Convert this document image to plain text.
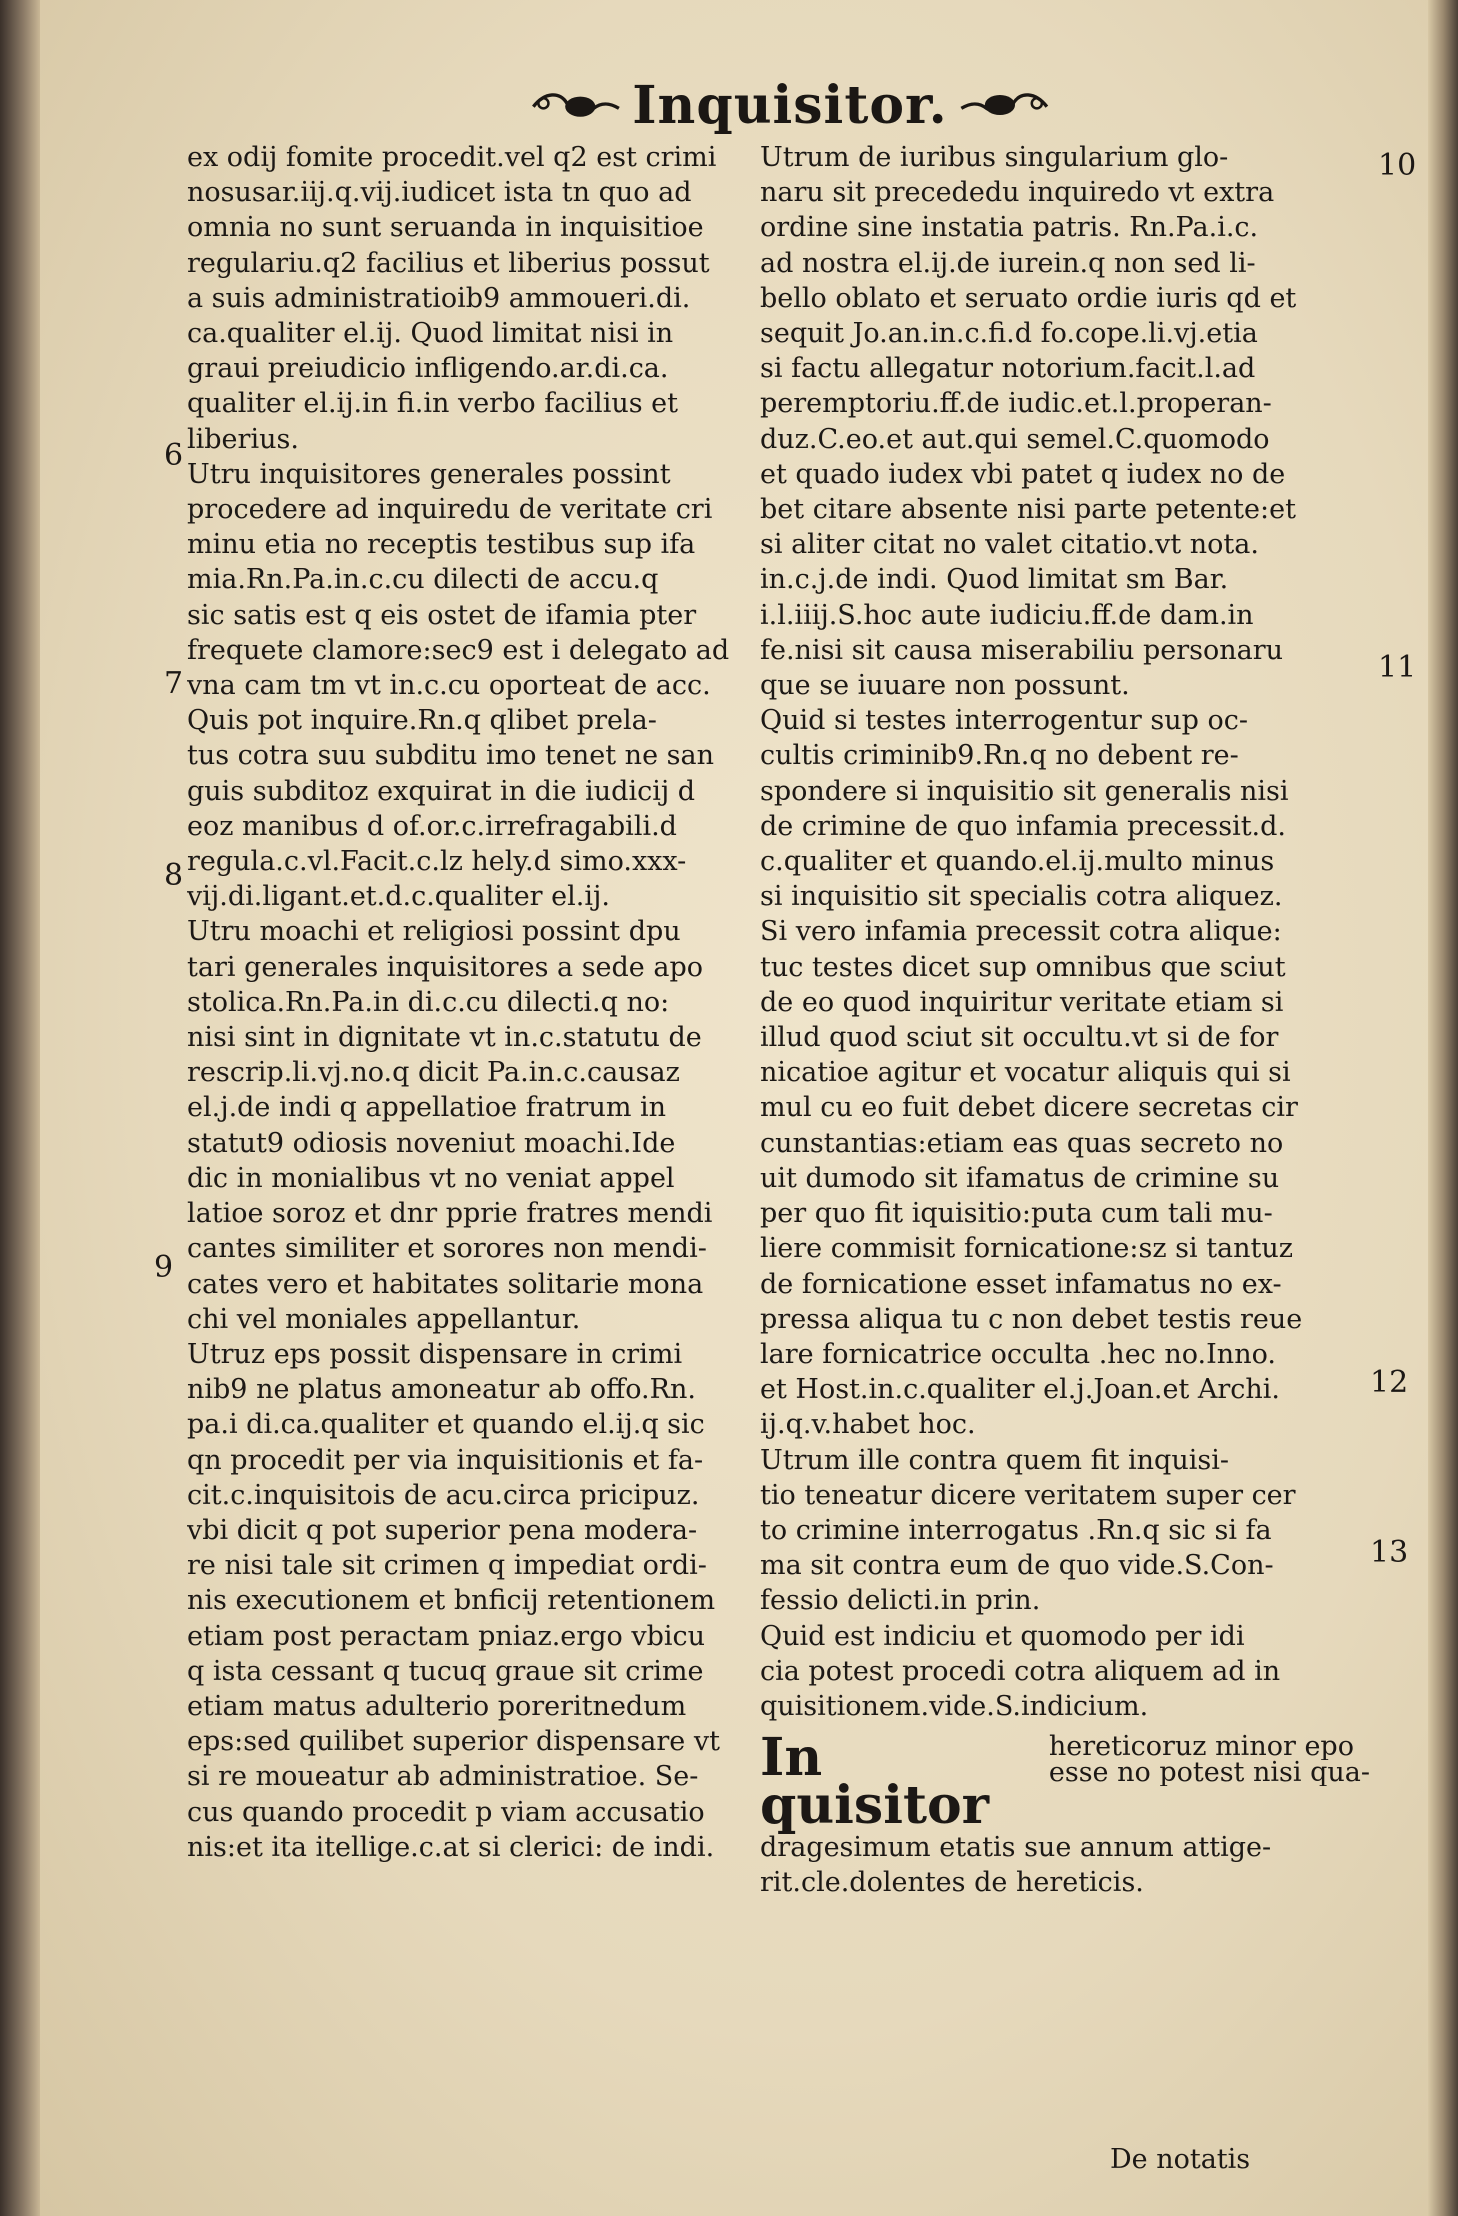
Inquisitor.
6
7
8
9
10
11
12
13
ex odij fomite procedit.vel q2 est crimi
nosusar.iij.q.vij.iudicet ista tn quo ad
omnia no sunt seruanda in inquisitioe
regulariu.q2 facilius et liberius possut
a suis administratioib9 ammoueri.di.
ca.qualiter el.ij. Quod limitat nisi in
graui preiudicio infligendo.ar.di.ca.
qualiter el.ij.in fi.in verbo facilius et
liberius.
Utru inquisitores generales possint
procedere ad inquiredu de veritate cri
minu etia no receptis testibus sup ifa
mia.Rn.Pa.in.c.cu dilecti de accu.q
sic satis est q eis ostet de ifamia pter
frequete clamore:sec9 est i delegato ad
vna cam tm vt in.c.cu oporteat de acc.
Quis pot inquire.Rn.q qlibet prela-
tus cotra suu subditu imo tenet ne san
guis subditoz exquirat in die iudicij d
eoz manibus d of.or.c.irrefragabili.d
regula.c.vl.Facit.c.lz hely.d simo.xxx-
vij.di.ligant.et.d.c.qualiter el.ij.
Utru moachi et religiosi possint dpu
tari generales inquisitores a sede apo
stolica.Rn.Pa.in di.c.cu dilecti.q no:
nisi sint in dignitate vt in.c.statutu de
rescrip.li.vj.no.q dicit Pa.in.c.causaz
el.j.de indi q appellatioe fratrum in
statut9 odiosis noveniut moachi.Ide
dic in monialibus vt no veniat appel
latioe soroz et dnr pprie fratres mendi
cantes similiter et sorores non mendi-
cates vero et habitates solitarie mona
chi vel moniales appellantur.
Utruz eps possit dispensare in crimi
nib9 ne platus amoneatur ab offo.Rn.
pa.i di.ca.qualiter et quando el.ij.q sic
qn procedit per via inquisitionis et fa-
cit.c.inquisitois de acu.circa pricipuz.
vbi dicit q pot superior pena modera-
re nisi tale sit crimen q impediat ordi-
nis executionem et bnficij retentionem
etiam post peractam pniaz.ergo vbicu
q ista cessant q tucuq graue sit crime
etiam matus adulterio poreritnedum
eps:sed quilibet superior dispensare vt
si re moueatur ab administratioe. Se-
cus quando procedit p viam accusatio
nis:et ita itellige.c.at si clerici: de indi.
Utrum de iuribus singularium glo-
naru sit precededu inquiredo vt extra
ordine sine instatia patris. Rn.Pa.i.c.
ad nostra el.ij.de iurein.q non sed li-
bello oblato et seruato ordie iuris qd et
sequit Jo.an.in.c.fi.d fo.cope.li.vj.etia
si factu allegatur notorium.facit.l.ad
peremptoriu.ff.de iudic.et.l.properan-
duz.C.eo.et aut.qui semel.C.quomodo
et quado iudex vbi patet q iudex no de
bet citare absente nisi parte petente:et
si aliter citat no valet citatio.vt nota.
in.c.j.de indi. Quod limitat sm Bar.
i.l.iiij.S.hoc aute iudiciu.ff.de dam.in
fe.nisi sit causa miserabiliu personaru
que se iuuare non possunt.
Quid si testes interrogentur sup oc-
cultis criminib9.Rn.q no debent re-
spondere si inquisitio sit generalis nisi
de crimine de quo infamia precessit.d.
c.qualiter et quando.el.ij.multo minus
si inquisitio sit specialis cotra aliquez.
Si vero infamia precessit cotra alique:
tuc testes dicet sup omnibus que sciut
de eo quod inquiritur veritate etiam si
illud quod sciut sit occultu.vt si de for
nicatioe agitur et vocatur aliquis qui si
mul cu eo fuit debet dicere secretas cir
cunstantias:etiam eas quas secreto no
uit dumodo sit ifamatus de crimine su
per quo fit iquisitio:puta cum tali mu-
liere commisit fornicatione:sz si tantuz
de fornicatione esset infamatus no ex-
pressa aliqua tu c non debet testis reue
lare fornicatrice occulta .hec no.Inno.
et Host.in.c.qualiter el.j.Joan.et Archi.
ij.q.v.habet hoc.
Utrum ille contra quem fit inquisi-
tio teneatur dicere veritatem super cer
to crimine interrogatus .Rn.q sic si fa
ma sit contra eum de quo vide.S.Con-
fessio delicti.in prin.
Quid est indiciu et quomodo per idi
cia potest procedi cotra aliquem ad in
quisitionem.vide.S.indicium.
In quisitor
hereticoruz minor epo
esse no potest nisi qua-
dragesimum etatis sue annum attige-
rit.cle.dolentes de hereticis.
De notatis
